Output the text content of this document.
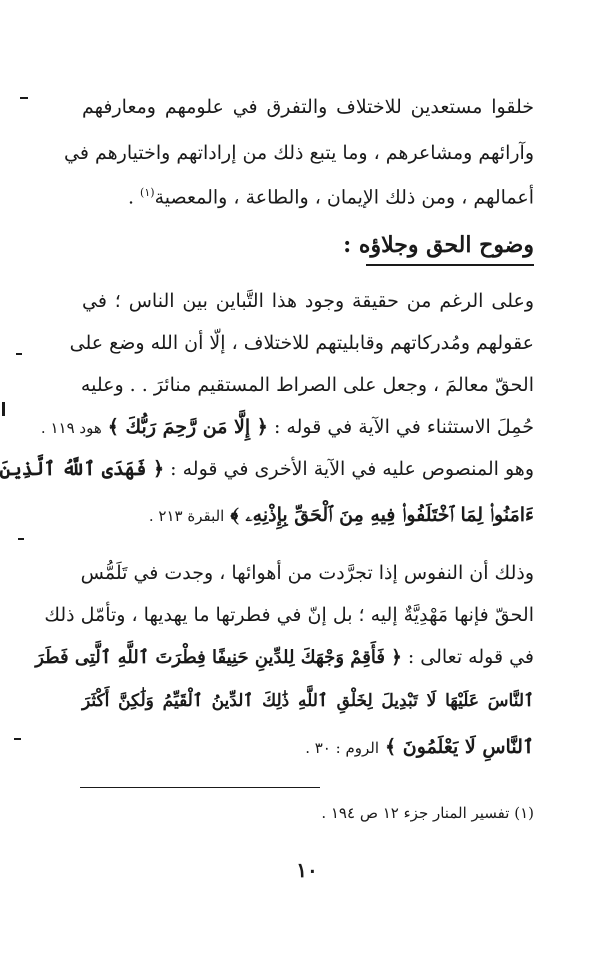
خلقوا مستعدين للاختلاف والتفرق في علومهم ومعارفهم
وآرائهم ومشاعرهم ، وما يتبع ذلك من إراداتهم واختيارهم في
أعمالهم ، ومن ذلك الإيمان ، والطاعة ، والمعصية$^{(١)}$ .
وضوح الحق وجلاؤه :
وعلى الرغم من حقيقة وجود هذا التَّباين بين الناس ؛ في
عقولهم ومُدركاتهم وقابليتهم للاختلاف ، إلّا أن الله وضع على
الحقّ معالمَ ، وجعل على الصراط المستقيم منائرَ . . وعليه
حُمِلَ الاستثناء في الآية في قوله : ﴿ إِلَّا مَن رَّحِمَ رَبُّكَ ﴾ هود ١١٩ .
وهو المنصوص عليه في الآية الأخرى في قوله : ﴿ فَهَدَى ٱللَّهُ ٱلَّذِينَ
ءَامَنُوا۟ لِمَا ٱخْتَلَفُوا۟ فِيهِ مِنَ ٱلْحَقِّ بِإِذْنِهِۦ ﴾ البقرة ٢١٣ .
وذلك أن النفوس إذا تجرَّدت من أهوائها ، وجدت في تَلَمُّس
الحقّ فإنها مَهْدِيَّةٌ إليه ؛ بل إنّ في فطرتها ما يهديها ، وتأمّل ذلك
في قوله تعالى : ﴿ فَأَقِمْ وَجْهَكَ لِلدِّينِ حَنِيفًا فِطْرَتَ ٱللَّهِ ٱلَّتِى فَطَرَ
ٱلنَّاسَ عَلَيْهَا لَا تَبْدِيلَ لِخَلْقِ ٱللَّهِ ذَٰلِكَ ٱلدِّينُ ٱلْقَيِّمُ وَلَٰكِنَّ أَكْثَرَ
ٱلنَّاسِ لَا يَعْلَمُونَ ﴾ الروم : ٣٠ .
(١) تفسير المنار جزء ١٢ ص ١٩٤ .
١٠
